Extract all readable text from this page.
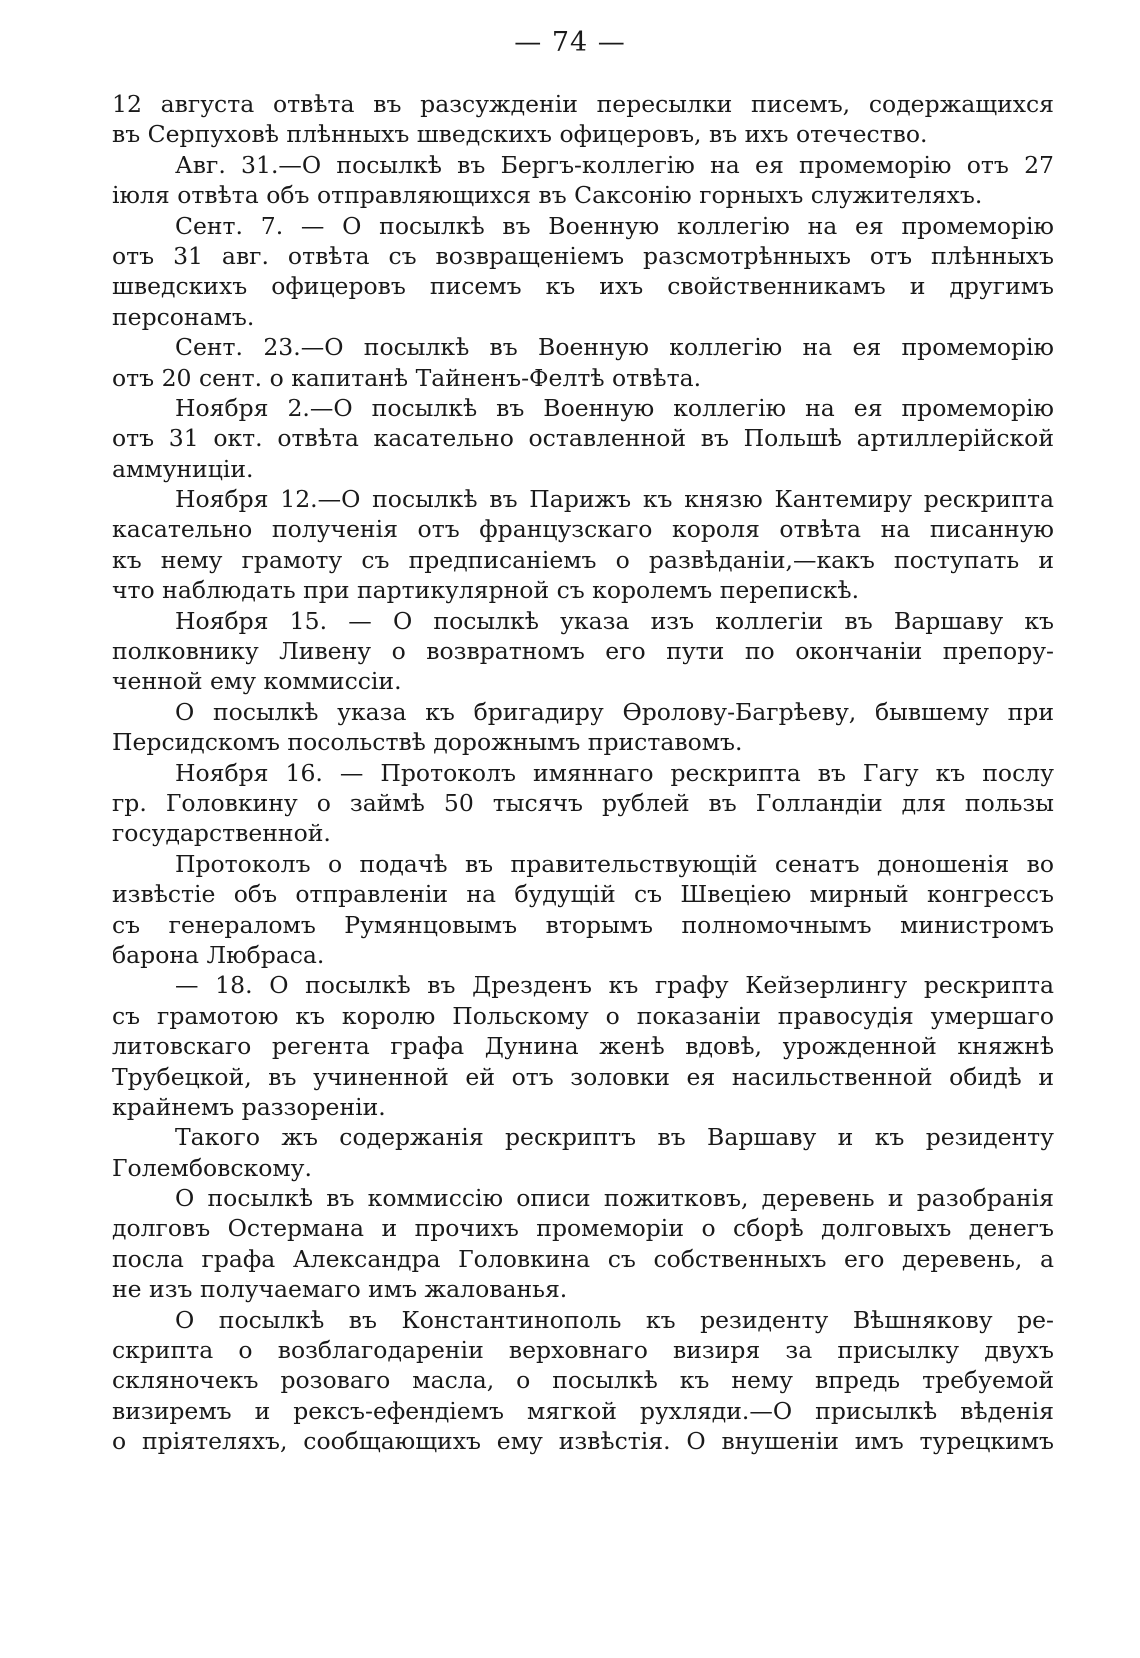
— 74 —
12 августа отвѣта въ разсужденіи пересылки писемъ, содержащихся
въ Серпуховѣ плѣнныхъ шведскихъ офицеровъ, въ ихъ отечество.
Авг. 31.—О посылкѣ въ Бергъ-коллегію на ея промеморію отъ 27
іюля отвѣта объ отправляющихся въ Саксонію горныхъ служителяхъ.
Сент. 7. — О посылкѣ въ Военную коллегію на ея промеморію
отъ 31 авг. отвѣта съ возвращеніемъ разсмотрѣнныхъ отъ плѣнныхъ
шведскихъ офицеровъ писемъ къ ихъ свойственникамъ и другимъ
персонамъ.
Сент. 23.—О посылкѣ въ Военную коллегію на ея промеморію
отъ 20 сент. о капитанѣ Тайненъ-Фелтѣ отвѣта.
Ноября 2.—О посылкѣ въ Военную коллегію на ея промеморію
отъ 31 окт. отвѣта касательно оставленной въ Польшѣ артиллерійской
аммуниціи.
Ноября 12.—О посылкѣ въ Парижъ къ князю Кантемиру рескрипта
касательно полученія отъ французскаго короля отвѣта на писанную
къ нему грамоту съ предписаніемъ о развѣданіи,—какъ поступать и
что наблюдать при партикулярной съ королемъ перепискѣ.
Ноября 15. — О посылкѣ указа изъ коллегіи въ Варшаву къ
полковнику Ливену о возвратномъ его пути по окончаніи препору-
ченной ему коммиссіи.
О посылкѣ указа къ бригадиру Ѳролову-Багрѣеву, бывшему при
Персидскомъ посольствѣ дорожнымъ приставомъ.
Ноября 16. — Протоколъ имяннаго рескрипта въ Гагу къ послу
гр. Головкину о займѣ 50 тысячъ рублей въ Голландіи для пользы
государственной.
Протоколъ о подачѣ въ правительствующій сенатъ доношенія во
извѣстіе объ отправленіи на будущій съ Швеціею мирный конгрессъ
съ генераломъ Румянцовымъ вторымъ полномочнымъ министромъ
барона Любраса.
— 18. О посылкѣ въ Дрезденъ къ графу Кейзерлингу рескрипта
съ грамотою къ королю Польскому о показаніи правосудія умершаго
литовскаго регента графа Дунина женѣ вдовѣ, урожденной княжнѣ
Трубецкой, въ учиненной ей отъ золовки ея насильственной обидѣ и
крайнемъ раззореніи.
Такого жъ содержанія рескриптъ въ Варшаву и къ резиденту
Голембовскому.
О посылкѣ въ коммиссію описи пожитковъ, деревень и разобранія
долговъ Остермана и прочихъ промеморіи о сборѣ долговыхъ денегъ
посла графа Александра Головкина съ собственныхъ его деревень, а
не изъ получаемаго имъ жалованья.
О посылкѣ въ Константинополь къ резиденту Вѣшнякову ре-
скрипта о возблагодареніи верховнаго визиря за присылку двухъ
скляночекъ розоваго масла, о посылкѣ къ нему впредь требуемой
визиремъ и рексъ-ефендіемъ мягкой рухляди.—О присылкѣ вѣденія
о пріятеляхъ, сообщающихъ ему извѣстія. О внушеніи имъ турецкимъ
